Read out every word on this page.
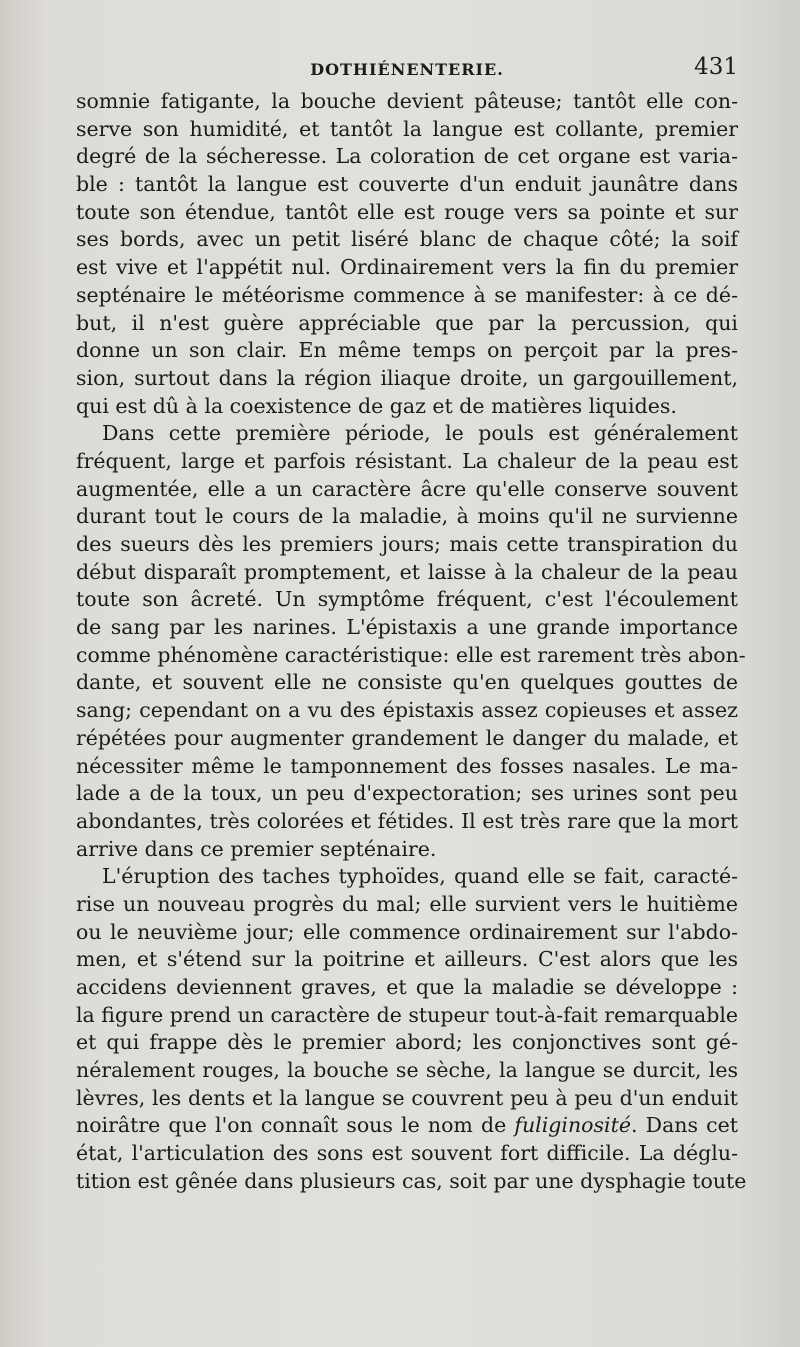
DOTHIÉNENTERIE.	431
somnie fatigante, la bouche devient pâteuse; tantôt elle con-
serve son humidité, et tantôt la langue est collante, premier
degré de la sécheresse. La coloration de cet organe est varia-
ble : tantôt la langue est couverte d'un enduit jaunâtre dans
toute son étendue, tantôt elle est rouge vers sa pointe et sur
ses bords, avec un petit liséré blanc de chaque côté; la soif
est vive et l'appétit nul. Ordinairement vers la fin du premier
septénaire le météorisme commence à se manifester: à ce dé-
but, il n'est guère appréciable que par la percussion, qui
donne un son clair. En même temps on perçoit par la pres-
sion, surtout dans la région iliaque droite, un gargouillement,
qui est dû à la coexistence de gaz et de matières liquides.
Dans cette première période, le pouls est généralement
fréquent, large et parfois résistant. La chaleur de la peau est
augmentée, elle a un caractère âcre qu'elle conserve souvent
durant tout le cours de la maladie, à moins qu'il ne survienne
des sueurs dès les premiers jours; mais cette transpiration du
début disparaît promptement, et laisse à la chaleur de la peau
toute son âcreté. Un symptôme fréquent, c'est l'écoulement
de sang par les narines. L'épistaxis a une grande importance
comme phénomène caractéristique: elle est rarement très abon-
dante, et souvent elle ne consiste qu'en quelques gouttes de
sang; cependant on a vu des épistaxis assez copieuses et assez
répétées pour augmenter grandement le danger du malade, et
nécessiter même le tamponnement des fosses nasales. Le ma-
lade a de la toux, un peu d'expectoration; ses urines sont peu
abondantes, très colorées et fétides. Il est très rare que la mort
arrive dans ce premier septénaire.
L'éruption des taches typhoïdes, quand elle se fait, caracté-
rise un nouveau progrès du mal; elle survient vers le huitième
ou le neuvième jour; elle commence ordinairement sur l'abdo-
men, et s'étend sur la poitrine et ailleurs. C'est alors que les
accidens deviennent graves, et que la maladie se développe :
la figure prend un caractère de stupeur tout-à-fait remarquable
et qui frappe dès le premier abord; les conjonctives sont gé-
néralement rouges, la bouche se sèche, la langue se durcit, les
lèvres, les dents et la langue se couvrent peu à peu d'un enduit
noirâtre que l'on connaît sous le nom de fuliginosité. Dans cet
état, l'articulation des sons est souvent fort difficile. La déglu-
tition est gênée dans plusieurs cas, soit par une dysphagie toute
